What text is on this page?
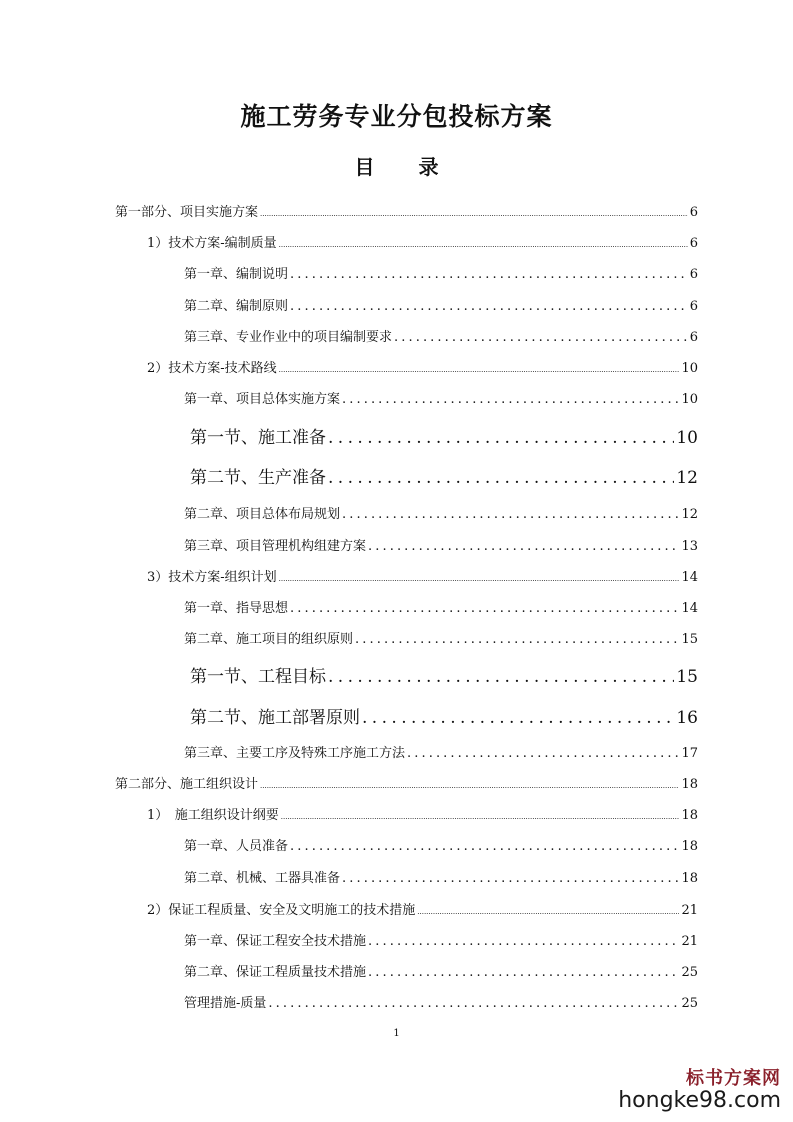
施工劳务专业分包投标方案
目　录
第一部分、项目实施方案 .....	6
1）技术方案-编制质量 .....	6
第一章、编制说明 .....	6
第二章、编制原则 .....	6
第三章、专业作业中的项目编制要求 .....	6
2）技术方案-技术路线 .....	10
第一章、项目总体实施方案 .....	10
第一节、施工准备 .....	10
第二节、生产准备 .....	12
第二章、项目总体布局规划 .....	12
第三章、项目管理机构组建方案 .....	13
3）技术方案-组织计划 .....	14
第一章、指导思想 .....	14
第二章、施工项目的组织原则 .....	15
第一节、工程目标 .....	15
第二节、施工部署原则 .....	16
第三章、主要工序及特殊工序施工方法 .....	17
第二部分、施工组织设计 .....	18
1）　施工组织设计纲要 .....	18
第一章、人员准备 .....	18
第二章、机械、工器具准备 .....	18
2）保证工程质量、安全及文明施工的技术措施 .....	21
第一章、保证工程安全技术措施 .....	21
第二章、保证工程质量技术措施 .....	25
管理措施-质量 .....	25
1
标书方案网
hongke98.com
